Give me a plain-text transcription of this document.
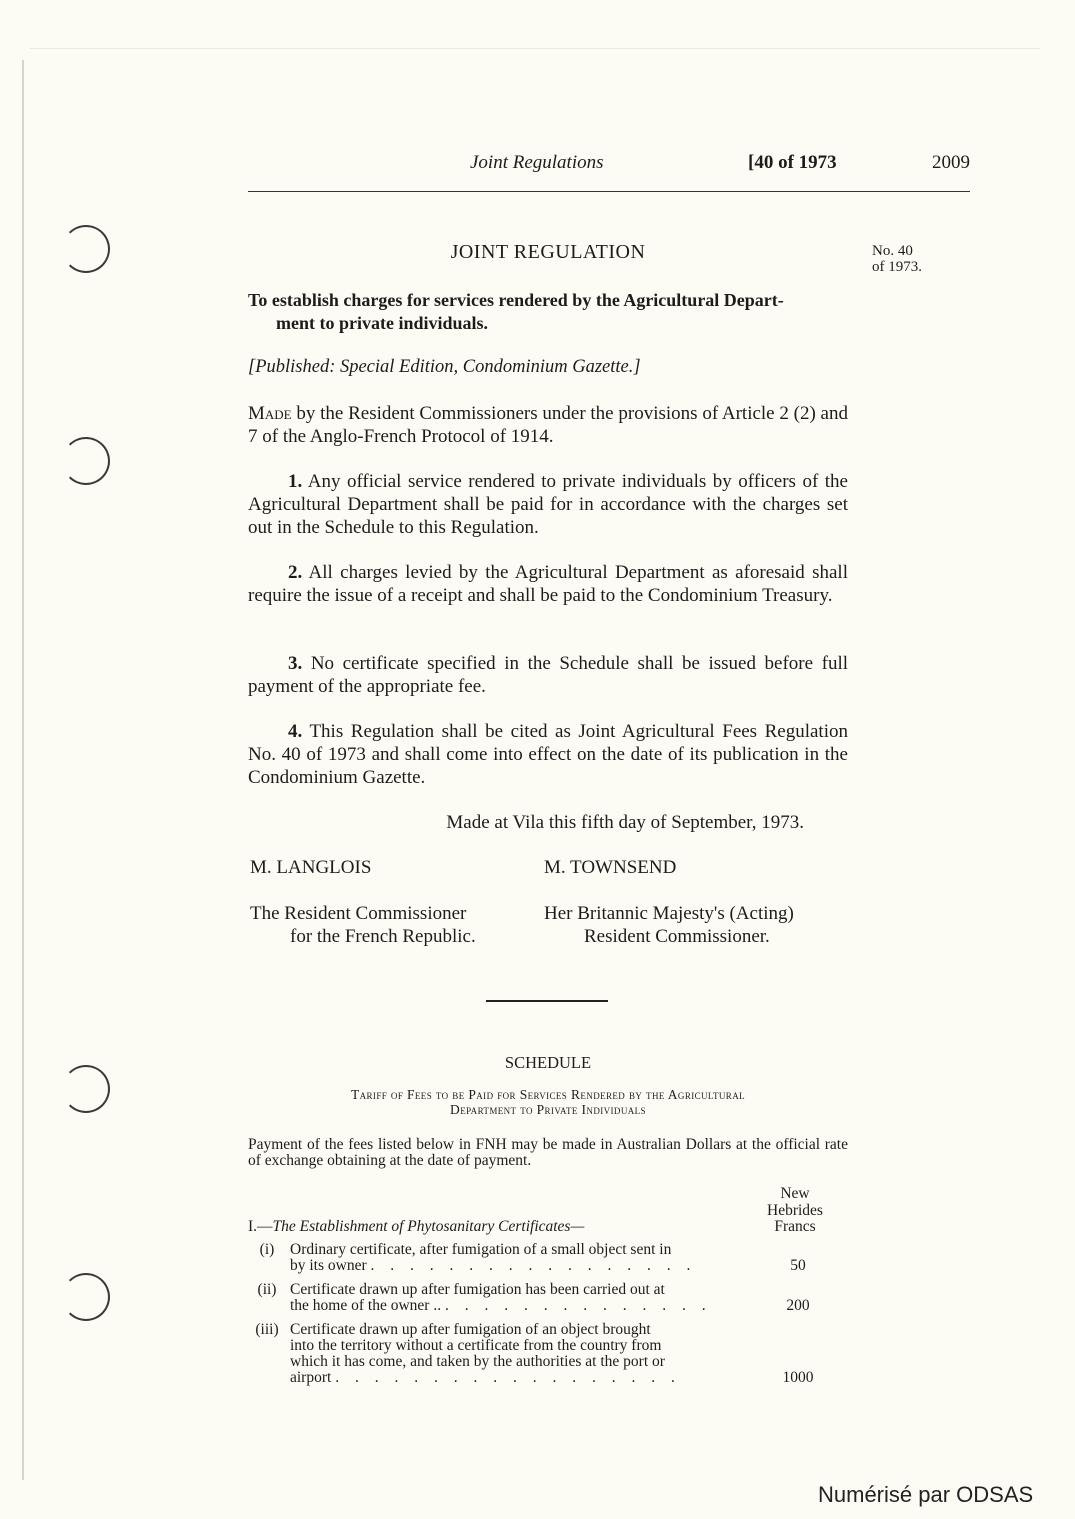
Joint Regulations	[40 of 1973	2009
JOINT REGULATION	No. 40
of 1973.
To establish charges for services rendered by the Agricultural Depart-
ment to private individuals.
[Published: Special Edition, Condominium Gazette.]
Made by the Resident Commissioners under the provisions of Article 2 (2) and 7 of the Anglo-French Protocol of 1914.
1. Any official service rendered to private individuals by officers of the Agricultural Department shall be paid for in accordance with the charges set out in the Schedule to this Regulation.
2. All charges levied by the Agricultural Department as aforesaid shall require the issue of a receipt and shall be paid to the Condominium Treasury.
3. No certificate specified in the Schedule shall be issued before full payment of the appropriate fee.
4. This Regulation shall be cited as Joint Agricultural Fees Regulation No. 40 of 1973 and shall come into effect on the date of its publication in the Condominium Gazette.
Made at Vila this fifth day of September, 1973.
M. LANGLOIS	M. TOWNSEND
The Resident Commissioner
for the French Republic.
Her Britannic Majesty's (Acting)
Resident Commissioner.
SCHEDULE
Tariff of Fees to be Paid for Services Rendered by the Agricultural
Department to Private Individuals
Payment of the fees listed below in FNH may be made in Australian Dollars at the official rate of exchange obtaining at the date of payment.
New
Hebrides
Francs
I.—The Establishment of Phytosanitary Certificates—
(i)	Ordinary certificate, after fumigation of a small object sent in
by its owner . . . . . . . . . . . . . . . . .	50
(ii) Certificate drawn up after fumigation has been carried out at
the home of the owner .. . . . . . . . . . . . . . .	200
(iii) Certificate drawn up after fumigation of an object brought
into the territory without a certificate from the country from
which it has come, and taken by the authorities at the port or
airport . . . . . . . . . . . . . . . . . .	1000
Numérisé par ODSAS
